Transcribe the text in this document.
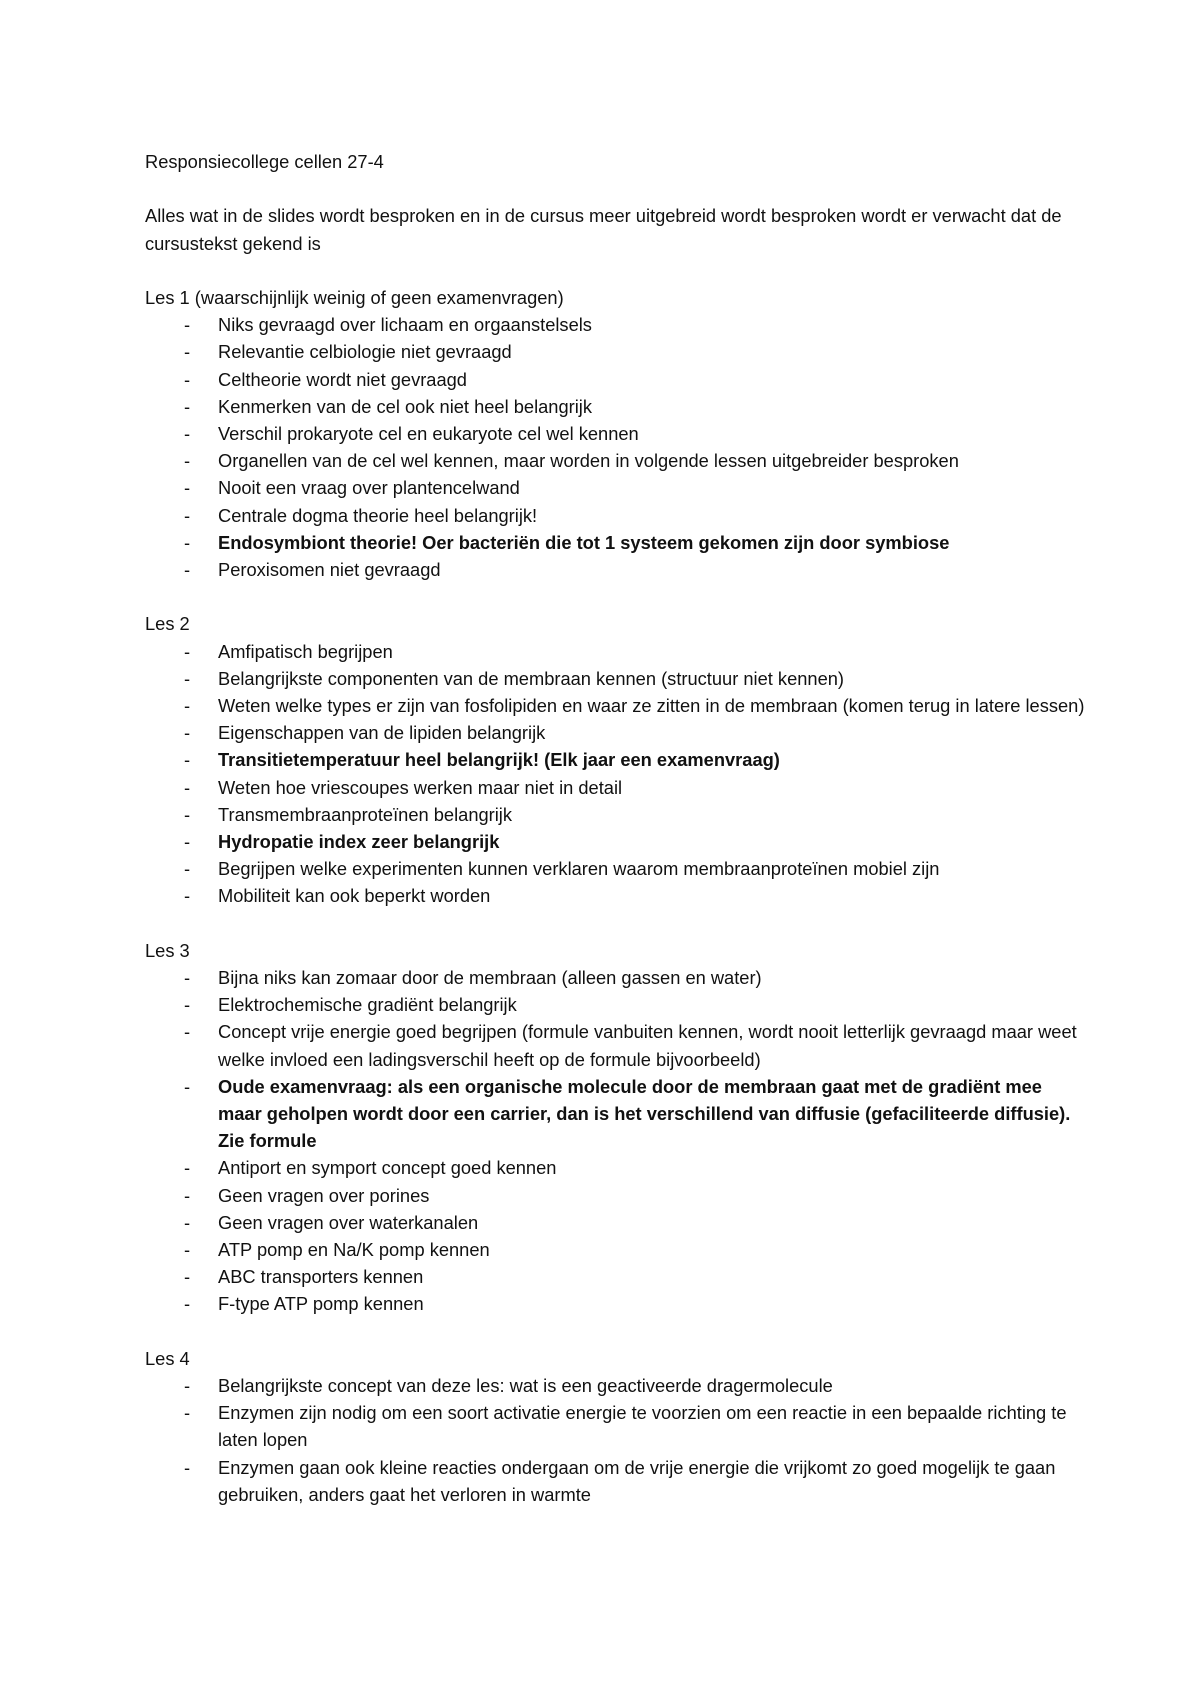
Responsiecollege cellen 27-4

Alles wat in de slides wordt besproken en in de cursus meer uitgebreid wordt besproken wordt er verwacht dat de cursustekst gekend is

Les 1 (waarschijnlijk weinig of geen examenvragen)

- Niks gevraagd over lichaam en orgaanstelsels
- Relevantie celbiologie niet gevraagd
- Celtheorie wordt niet gevraagd
- Kenmerken van de cel ook niet heel belangrijk
- Verschil prokaryote cel en eukaryote cel wel kennen
- Organellen van de cel wel kennen, maar worden in volgende lessen uitgebreider besproken
- Nooit een vraag over plantencelwand
- Centrale dogma theorie heel belangrijk!
- Endosymbiont theorie! Oer bacteriën die tot 1 systeem gekomen zijn door symbiose
- Peroxisomen niet gevraagd

Les 2

- Amfipatisch begrijpen
- Belangrijkste componenten van de membraan kennen (structuur niet kennen)
- Weten welke types er zijn van fosfolipiden en waar ze zitten in de membraan (komen terug in latere lessen)
- Eigenschappen van de lipiden belangrijk
- Transitietemperatuur heel belangrijk! (Elk jaar een examenvraag)
- Weten hoe vriescoupes werken maar niet in detail
- Transmembraanproteïnen belangrijk
- Hydropatie index zeer belangrijk
- Begrijpen welke experimenten kunnen verklaren waarom membraanproteïnen mobiel zijn
- Mobiliteit kan ook beperkt worden

Les 3

- Bijna niks kan zomaar door de membraan (alleen gassen en water)
- Elektrochemische gradiënt belangrijk
- Concept vrije energie goed begrijpen (formule vanbuiten kennen, wordt nooit letterlijk gevraagd maar weet welke invloed een ladingsverschil heeft op de formule bijvoorbeeld)
- Oude examenvraag: als een organische molecule door de membraan gaat met de gradiënt mee maar geholpen wordt door een carrier, dan is het verschillend van diffusie (gefaciliteerde diffusie). Zie formule
- Antiport en symport concept goed kennen
- Geen vragen over porines
- Geen vragen over waterkanalen
- ATP pomp en Na/K pomp kennen
- ABC transporters kennen
- F-type ATP pomp kennen

Les 4

- Belangrijkste concept van deze les: wat is een geactiveerde dragermolecule
- Enzymen zijn nodig om een soort activatie energie te voorzien om een reactie in een bepaalde richting te laten lopen
- Enzymen gaan ook kleine reacties ondergaan om de vrije energie die vrijkomt zo goed mogelijk te gaan gebruiken, anders gaat het verloren in warmte
